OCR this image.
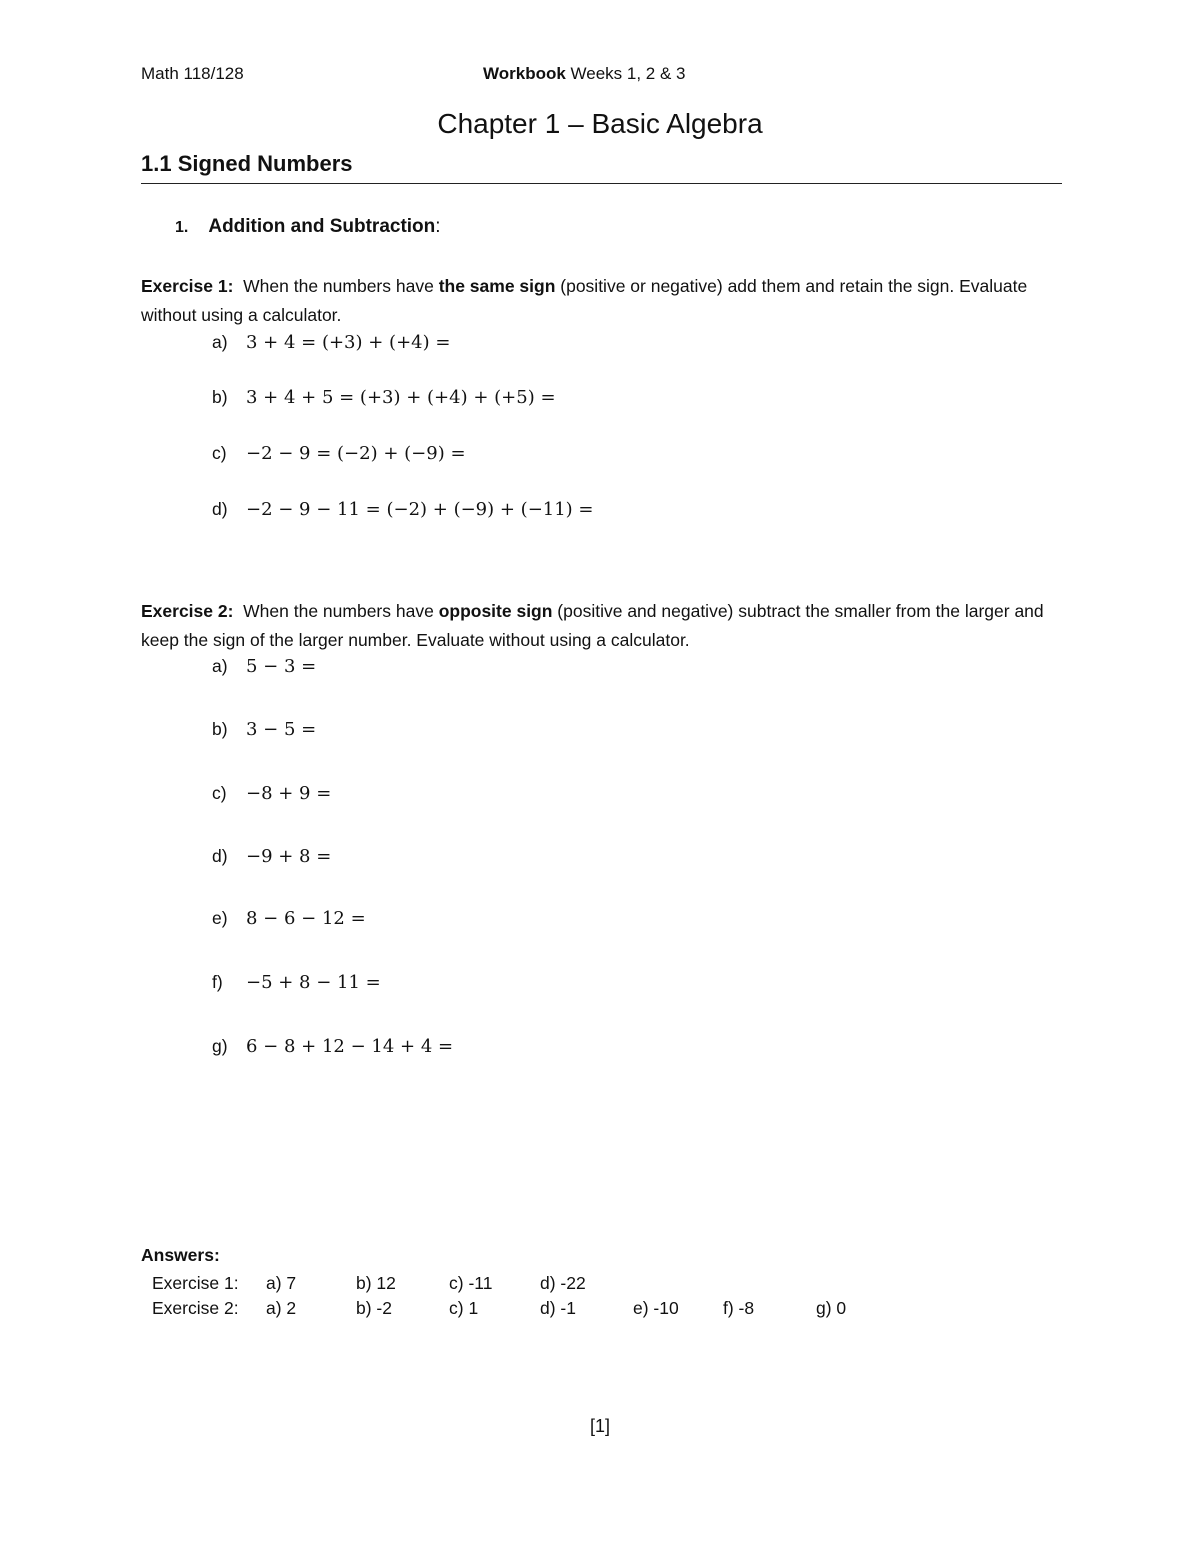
Math 118/128	Workbook Weeks 1, 2 & 3
Chapter 1 – Basic Algebra
1.1 Signed Numbers
1. Addition and Subtraction:
Exercise 1:  When the numbers have the same sign (positive or negative) add them and retain the sign. Evaluate without using a calculator.
a) 3 + 4 = (+3) + (+4) =
b) 3 + 4 + 5 = (+3) + (+4) + (+5) =
c) −2 − 9 = (−2) + (−9) =
d) −2 − 9 − 11 = (−2) + (−9) + (−11) =
Exercise 2:  When the numbers have opposite sign (positive and negative) subtract the smaller from the larger and keep the sign of the larger number. Evaluate without using a calculator.
a) 5 − 3 =
b) 3 − 5 =
c) −8 + 9 =
d) −9 + 8 =
e) 8 − 6 − 12 =
f) −5 + 8 − 11 =
g) 6 − 8 + 12 − 14 + 4 =
Answers:
Exercise 1: a) 7	b) 12	c) -11	d) -22
Exercise 2: a) 2	b) -2	c) 1	d) -1	e) -10	f) -8	g) 0
[1]
